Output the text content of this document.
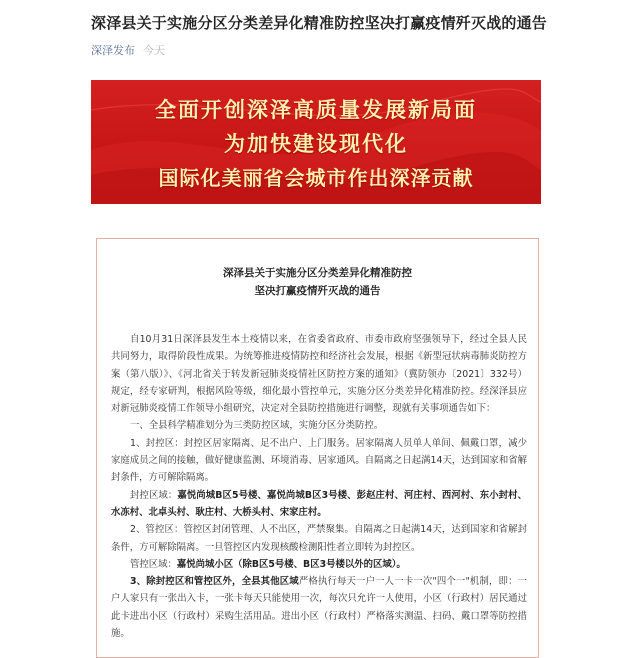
深泽县关于实施分区分类差异化精准防控坚决打赢疫情歼灭战的通告
深泽发布 今天
全面开创深泽高质量发展新局面
为加快建设现代化
国际化美丽省会城市作出深泽贡献
深泽县关于实施分区分类差异化精准防控
坚决打赢疫情歼灭战的通告

自10月31日深泽县发生本土疫情以来，在省委省政府、市委市政府坚强领导下，经过全县人民共同努力，取得阶段性成果。为统筹推进疫情防控和经济社会发展，根据《新型冠状病毒肺炎防控方案（第八版）》、《河北省关于转发新冠肺炎疫情社区防控方案的通知》（冀防领办〔2021〕332号）规定，经专家研判，根据风险等级，细化最小管控单元，实施分区分类差异化精准防控。经深泽县应对新冠肺炎疫情工作领导小组研究，决定对全县防控措施进行调整，现就有关事项通告如下：

一、全县科学精准划分为三类防控区域，实施分区分类防控。

1、封控区：封控区居家隔离、足不出户、上门服务。居家隔离人员单人单间、佩戴口罩，减少家庭成员之间的接触，做好健康监测、环境消毒、居家通风。自隔离之日起满14天，达到国家和省解封条件，方可解除隔离。

封控区域：嘉悦尚城B区5号楼、嘉悦尚城B区3号楼、彭赵庄村、河庄村、西河村、东小封村、水冻村、北卓头村、耿庄村、大桥头村、宋家庄村。

2、管控区：管控区封闭管理、人不出区，严禁聚集。自隔离之日起满14天，达到国家和省解封条件，方可解除隔离。一旦管控区内发现核酸检测阳性者立即转为封控区。

管控区域：嘉悦尚城小区（除B区5号楼、B区3号楼以外的区域）。

3、除封控区和管控区外，全县其他区域严格执行每天一户一人一卡一次"四个一"机制，即：一户人家只有一张出入卡，一张卡每天只能使用一次，每次只允许一人使用，小区（行政村）居民通过此卡进出小区（行政村）采购生活用品。进出小区（行政村）严格落实测温、扫码、戴口罩等防控措施。
